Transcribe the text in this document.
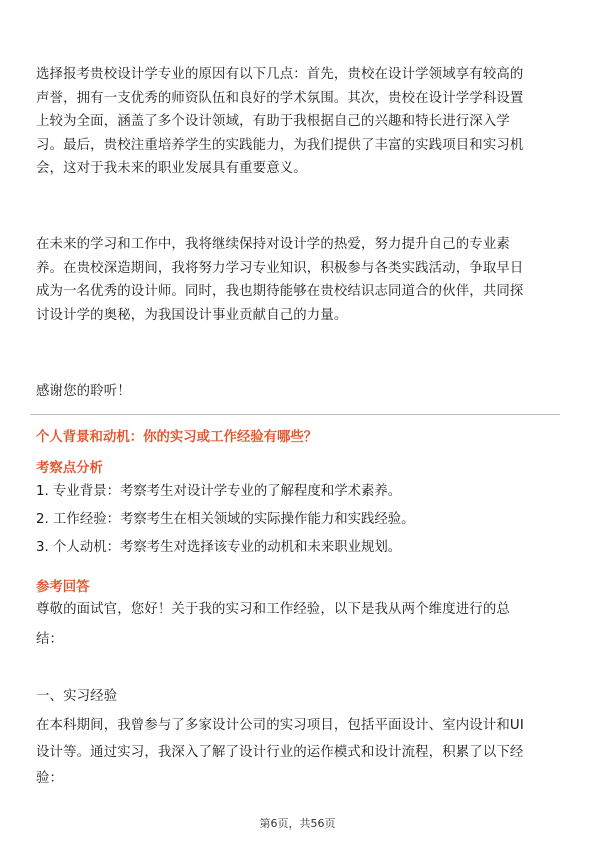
选择报考贵校设计学专业的原因有以下几点：首先，贵校在设计学领域享有较高的
声誉，拥有一支优秀的师资队伍和良好的学术氛围。其次，贵校在设计学学科设置
上较为全面，涵盖了多个设计领域，有助于我根据自己的兴趣和特长进行深入学
习。最后，贵校注重培养学生的实践能力，为我们提供了丰富的实践项目和实习机
会，这对于我未来的职业发展具有重要意义。
在未来的学习和工作中，我将继续保持对设计学的热爱，努力提升自己的专业素
养。在贵校深造期间，我将努力学习专业知识，积极参与各类实践活动，争取早日
成为一名优秀的设计师。同时，我也期待能够在贵校结识志同道合的伙伴，共同探
讨设计学的奥秘，为我国设计事业贡献自己的力量。
感谢您的聆听！
个人背景和动机：你的实习或工作经验有哪些？
考察点分析
1. 专业背景：考察考生对设计学专业的了解程度和学术素养。
2. 工作经验：考察考生在相关领域的实际操作能力和实践经验。
3. 个人动机：考察考生对选择该专业的动机和未来职业规划。
参考回答
尊敬的面试官，您好！关于我的实习和工作经验，以下是我从两个维度进行的总
结：
一、实习经验
在本科期间，我曾参与了多家设计公司的实习项目，包括平面设计、室内设计和UI
设计等。通过实习，我深入了解了设计行业的运作模式和设计流程，积累了以下经
验：
第6页，共56页
